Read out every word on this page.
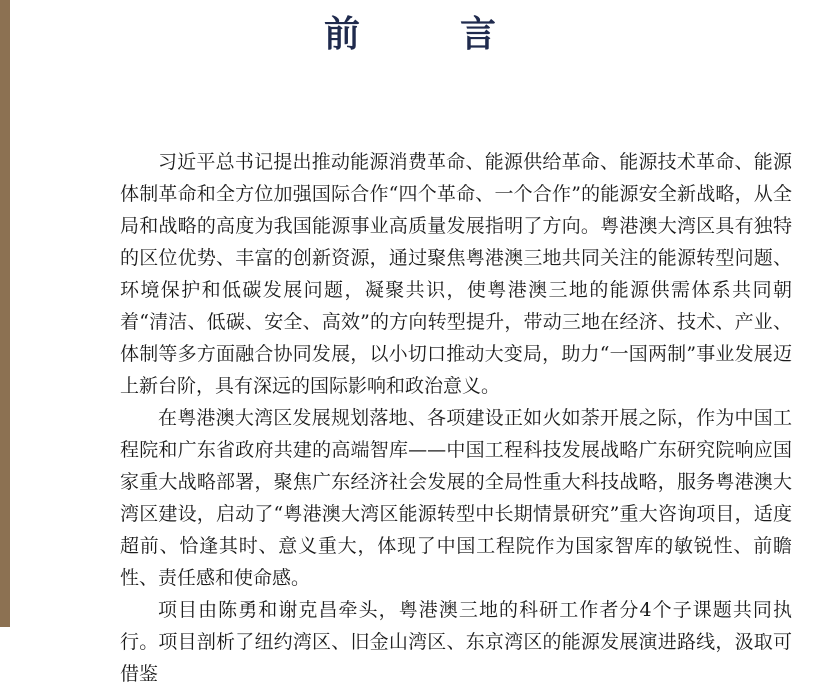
前　言

习近平总书记提出推动能源消费革命、能源供给革命、能源技术革命、能源体制革命和全方位加强国际合作“四个革命、一个合作”的能源安全新战略，从全局和战略的高度为我国能源事业高质量发展指明了方向。粤港澳大湾区具有独特的区位优势、丰富的创新资源，通过聚焦粤港澳三地共同关注的能源转型问题、环境保护和低碳发展问题，凝聚共识，使粤港澳三地的能源供需体系共同朝着“清洁、低碳、安全、高效”的方向转型提升，带动三地在经济、技术、产业、体制等多方面融合协同发展，以小切口推动大变局，助力“一国两制”事业发展迈上新台阶，具有深远的国际影响和政治意义。

在粤港澳大湾区发展规划落地、各项建设正如火如荼开展之际，作为中国工程院和广东省政府共建的高端智库——中国工程科技发展战略广东研究院响应国家重大战略部署，聚焦广东经济社会发展的全局性重大科技战略，服务粤港澳大湾区建设，启动了“粤港澳大湾区能源转型中长期情景研究”重大咨询项目，适度超前、恰逢其时、意义重大，体现了中国工程院作为国家智库的敏锐性、前瞻性、责任感和使命感。

项目由陈勇和谢克昌牵头，粤港澳三地的科研工作者分4个子课题共同执行。项目剖析了纽约湾区、旧金山湾区、东京湾区的能源发展演进路线，汲取可借鉴
